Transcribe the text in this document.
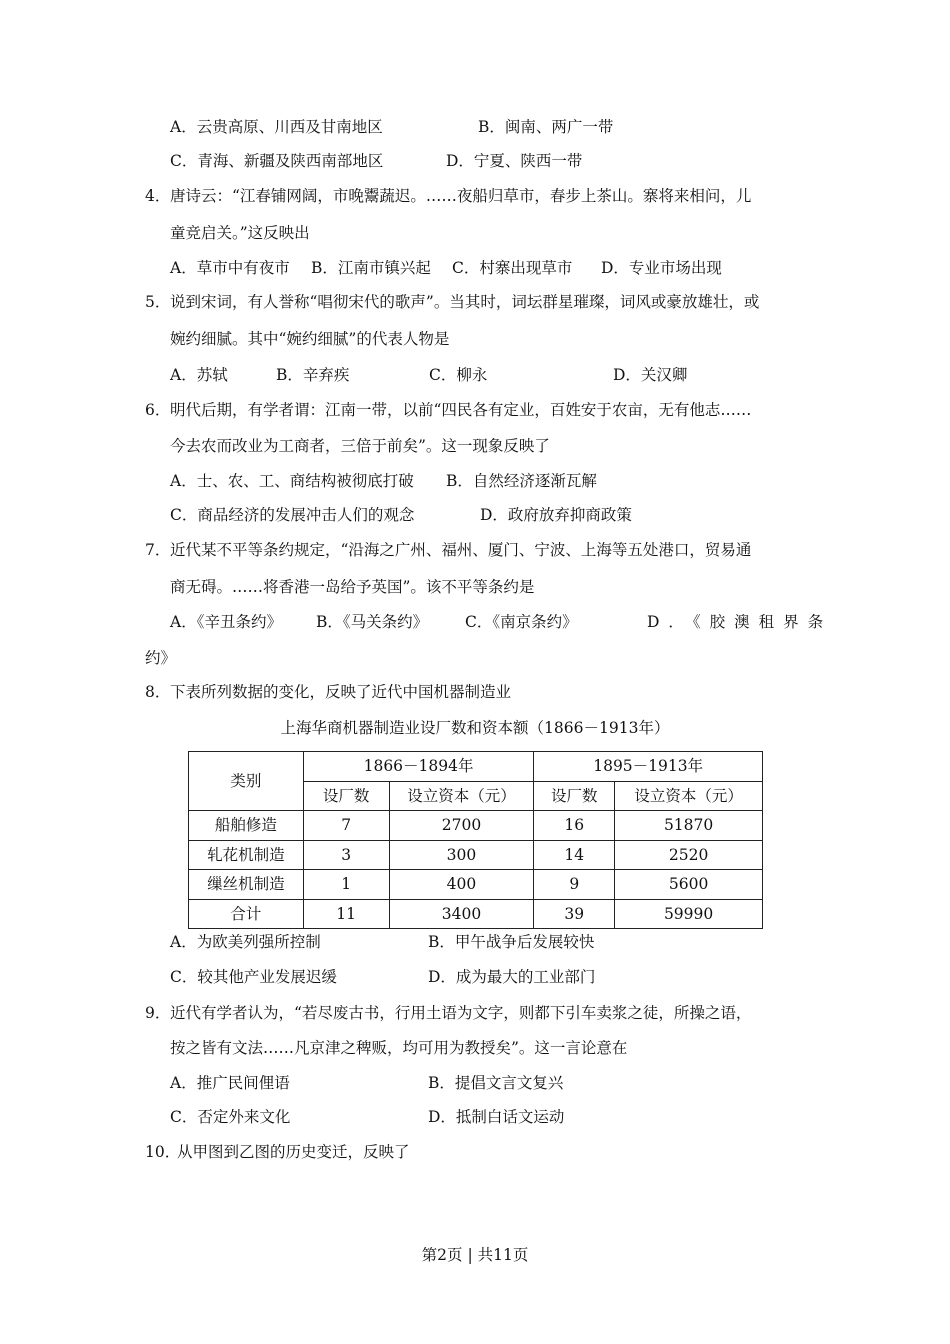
A．云贵高原、川西及甘南地区	B．闽南、两广一带
C．青海、新疆及陕西南部地区	D．宁夏、陕西一带
4． 唐诗云：“江春铺网阔，市晚鬻蔬迟。……夜船归草市，春步上茶山。寨将来相问，儿
童竞启关。”这反映出
A．草市中有夜市 B．江南市镇兴起 C．村寨出现草市 D．专业市场出现
5． 说到宋词，有人誉称“唱彻宋代的歌声”。当其时，词坛群星璀璨，词风或豪放雄壮，或
婉约细腻。其中“婉约细腻”的代表人物是
A．苏轼	B．辛弃疾	C．柳永	D．关汉卿
6． 明代后期，有学者谓：江南一带，以前“四民各有定业，百姓安于农亩，无有他志……
今去农而改业为工商者，三倍于前矣”。这一现象反映了
A．士、农、工、商结构被彻底打破 B．自然经济逐渐瓦解
C．商品经济的发展冲击人们的观念	D．政府放弃抑商政策
7． 近代某不平等条约规定，“沿海之广州、福州、厦门、宁波、上海等五处港口，贸易通
商无碍。……将香港一岛给予英国”。该不平等条约是
A．《辛丑条约》 B．《马关条约》 C．《南京条约》	D．《胶澳租界条
约》
8． 下表所列数据的变化，反映了近代中国机器制造业
上海华商机器制造业设厂数和资本额（1866－1913年）
类别	1866－1894年		1895－1913年	
	设厂数	设立资本（元）	设厂数	设立资本（元）
船舶修造	7	2700	16	51870
轧花机制造	3	300	14	2520
缫丝机制造	1	400	9	5600
合计	11	3400	39	59990
A．为欧美列强所控制	B．甲午战争后发展较快
C．较其他产业发展迟缓	D．成为最大的工业部门
9． 近代有学者认为，“若尽废古书，行用土语为文字，则都下引车卖浆之徒，所操之语，
按之皆有文法……凡京津之稗贩，均可用为教授矣”。这一言论意在
A．推广民间俚语	B．提倡文言文复兴
C．否定外来文化	D．抵制白话文运动
10．
从甲图到乙图的历史变迁，反映了
第2页 | 共11页
